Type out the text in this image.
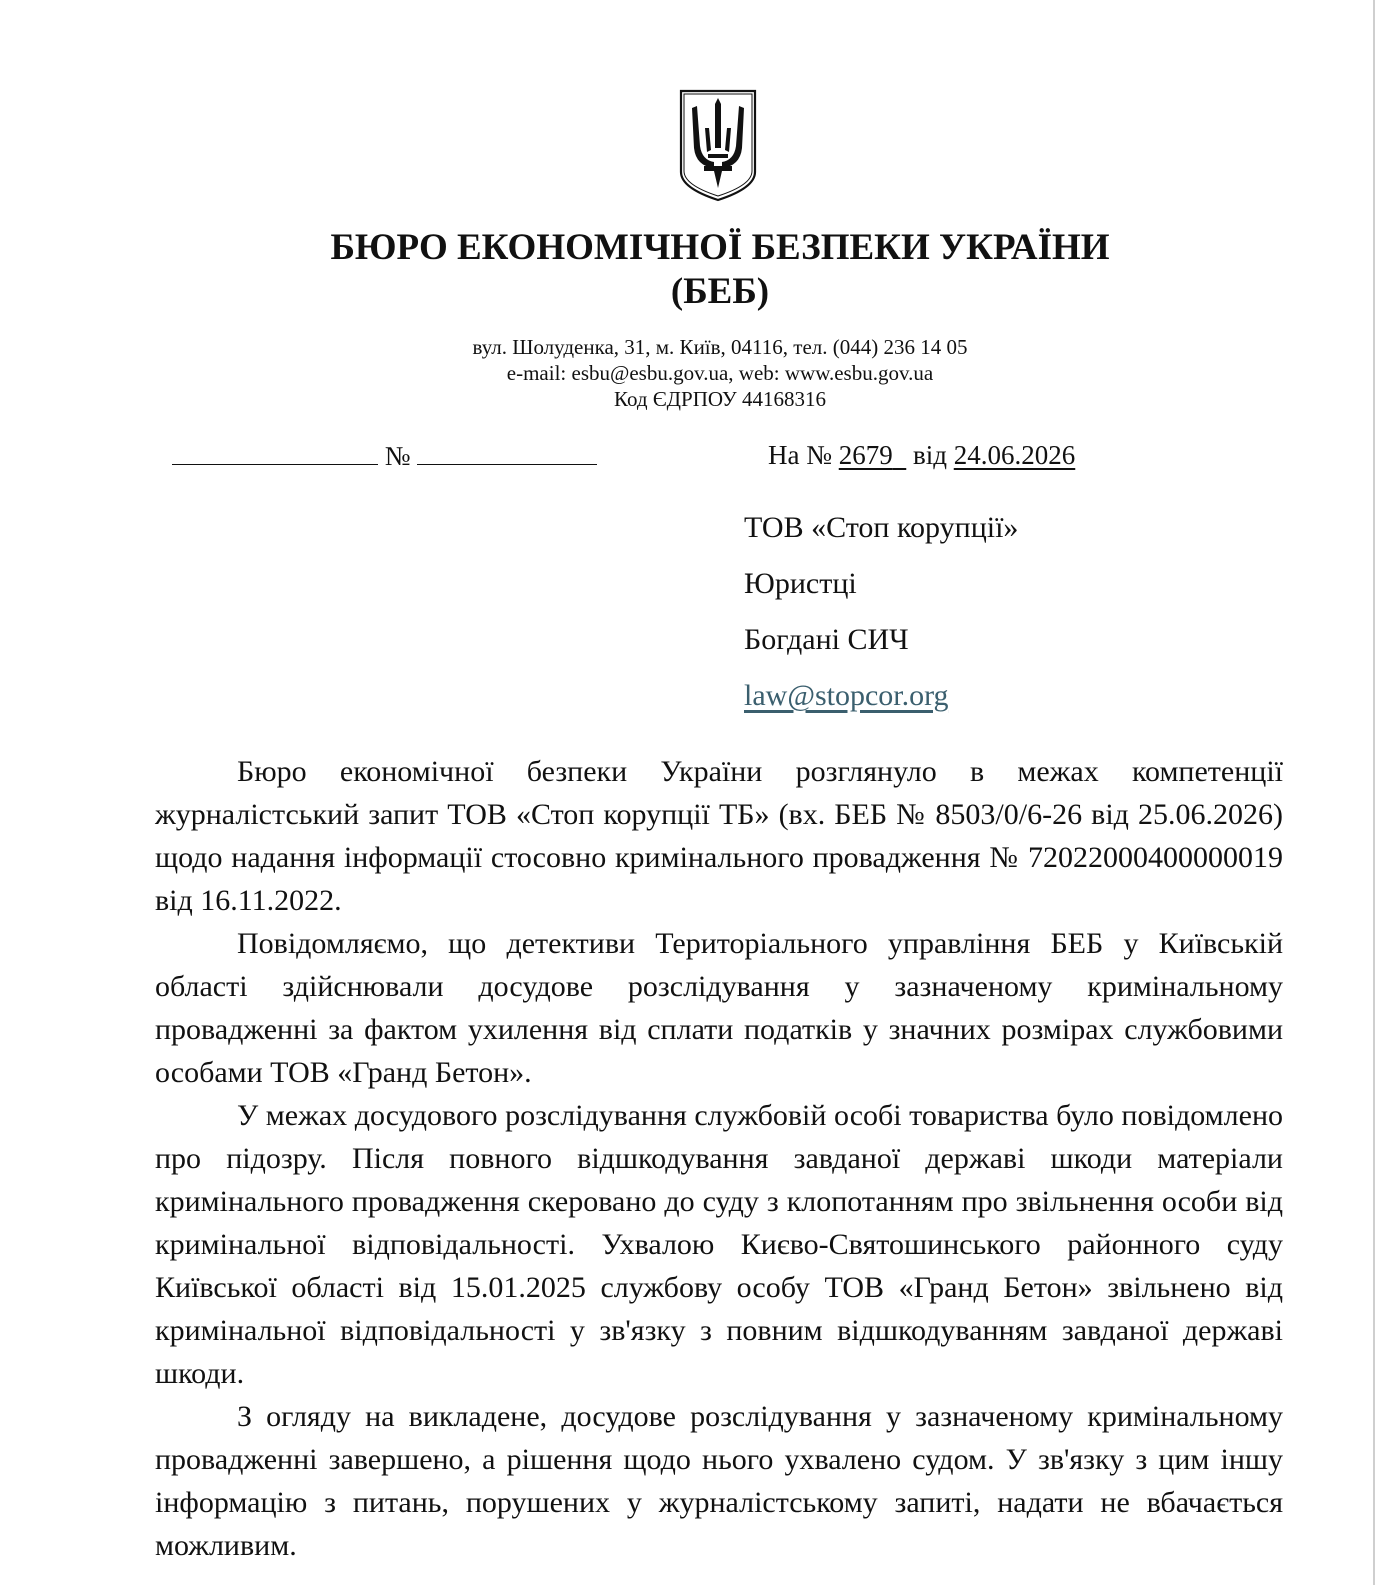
БЮРО ЕКОНОМІЧНОЇ БЕЗПЕКИ УКРАЇНИ
(БЕБ)
вул. Шолуденка, 31, м. Київ, 04116, тел. (044) 236 14 05
e-mail: esbu@esbu.gov.ua, web: www.esbu.gov.ua
Код ЄДРПОУ 44168316
№	На № 2679 від 24.06.2026
ТОВ «Стоп корупції»
Юристці
Богдані СИЧ
law@stopcor.org

Бюро економічної безпеки України розглянуло в межах компетенції журналістський запит ТОВ «Стоп корупції ТБ» (вх. БЕБ № 8503/0/6-26 від 25.06.2026) щодо надання інформації стосовно кримінального провадження № 72022000400000019 від 16.11.2022.

Повідомляємо, що детективи Територіального управління БЕБ у Київській області здійснювали досудове розслідування у зазначеному кримінальному провадженні за фактом ухилення від сплати податків у значних розмірах службовими особами ТОВ «Гранд Бетон».

У межах досудового розслідування службовій особі товариства було повідомлено про підозру. Після повного відшкодування завданої державі шкоди матеріали кримінального провадження скеровано до суду з клопотанням про звільнення особи від кримінальної відповідальності. Ухвалою Києво-Святошинського районного суду Київської області від 15.01.2025 службову особу ТОВ «Гранд Бетон» звільнено від кримінальної відповідальності у зв'язку з повним відшкодуванням завданої державі шкоди.

З огляду на викладене, досудове розслідування у зазначеному кримінальному провадженні завершено, а рішення щодо нього ухвалено судом. У зв'язку з цим іншу інформацію з питань, порушених у журналістському запиті, надати не вбачається можливим.
